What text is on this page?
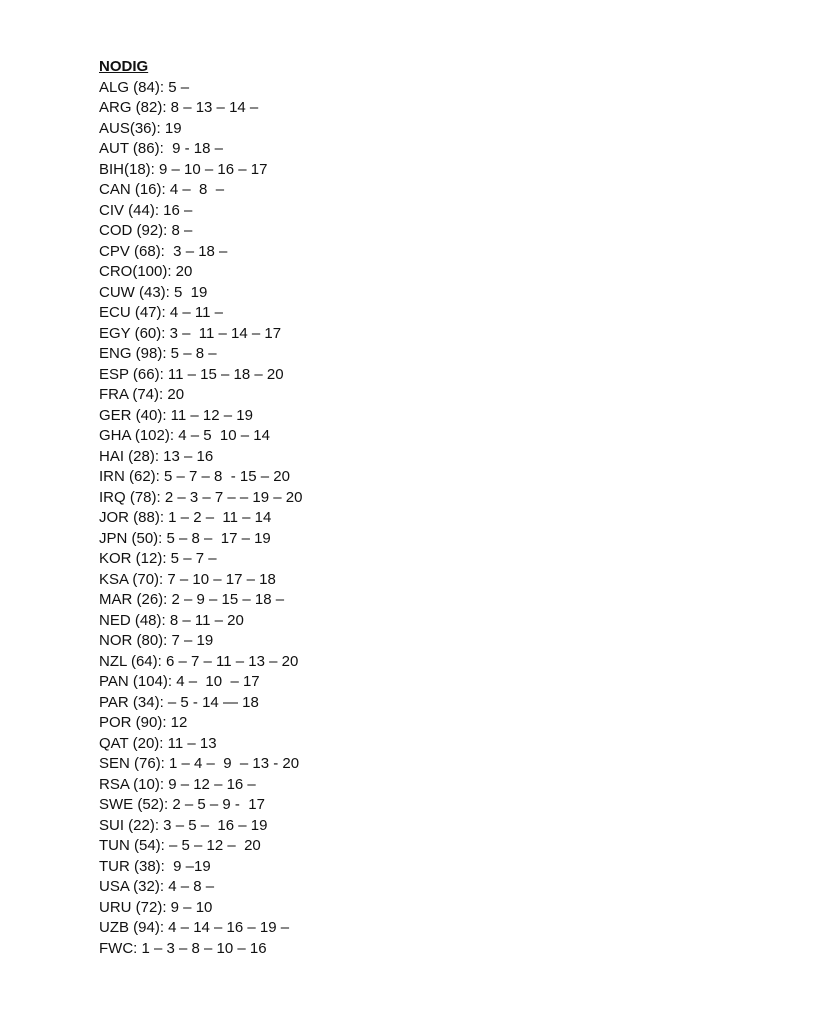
NODIG
ALG (84): 5 –
ARG (82): 8 – 13 – 14 –
AUS(36): 19
AUT (86):  9 - 18 –
BIH(18): 9 – 10 – 16 – 17
CAN (16): 4 –  8  –
CIV (44): 16 –
COD (92): 8 –
CPV (68):  3 – 18 –
CRO(100): 20
CUW (43): 5  19
ECU (47): 4 – 11 –
EGY (60): 3 –  11 – 14 – 17
ENG (98): 5 – 8 –
ESP (66): 11 – 15 – 18 – 20
FRA (74): 20
GER (40): 11 – 12 – 19
GHA (102): 4 – 5  10 – 14
HAI (28): 13 – 16
IRN (62): 5 – 7 – 8  - 15 – 20
IRQ (78): 2 – 3 – 7 – – 19 – 20
JOR (88): 1 – 2 –  11 – 14
JPN (50): 5 – 8 –  17 – 19
KOR (12): 5 – 7 –
KSA (70): 7 – 10 – 17 – 18
MAR (26): 2 – 9 – 15 – 18 –
NED (48): 8 – 11 – 20
NOR (80): 7 – 19
NZL (64): 6 – 7 – 11 – 13 – 20
PAN (104): 4 –  10  – 17
PAR (34): – 5 - 14 — 18
POR (90): 12
QAT (20): 11 – 13
SEN (76): 1 – 4 –  9  – 13 - 20
RSA (10): 9 – 12 – 16 –
SWE (52): 2 – 5 – 9 -  17
SUI (22): 3 – 5 –  16 – 19
TUN (54): – 5 – 12 –  20
TUR (38):  9 –19
USA (32): 4 – 8 –
URU (72): 9 – 10
UZB (94): 4 – 14 – 16 – 19 –
FWC: 1 – 3 – 8 – 10 – 16
